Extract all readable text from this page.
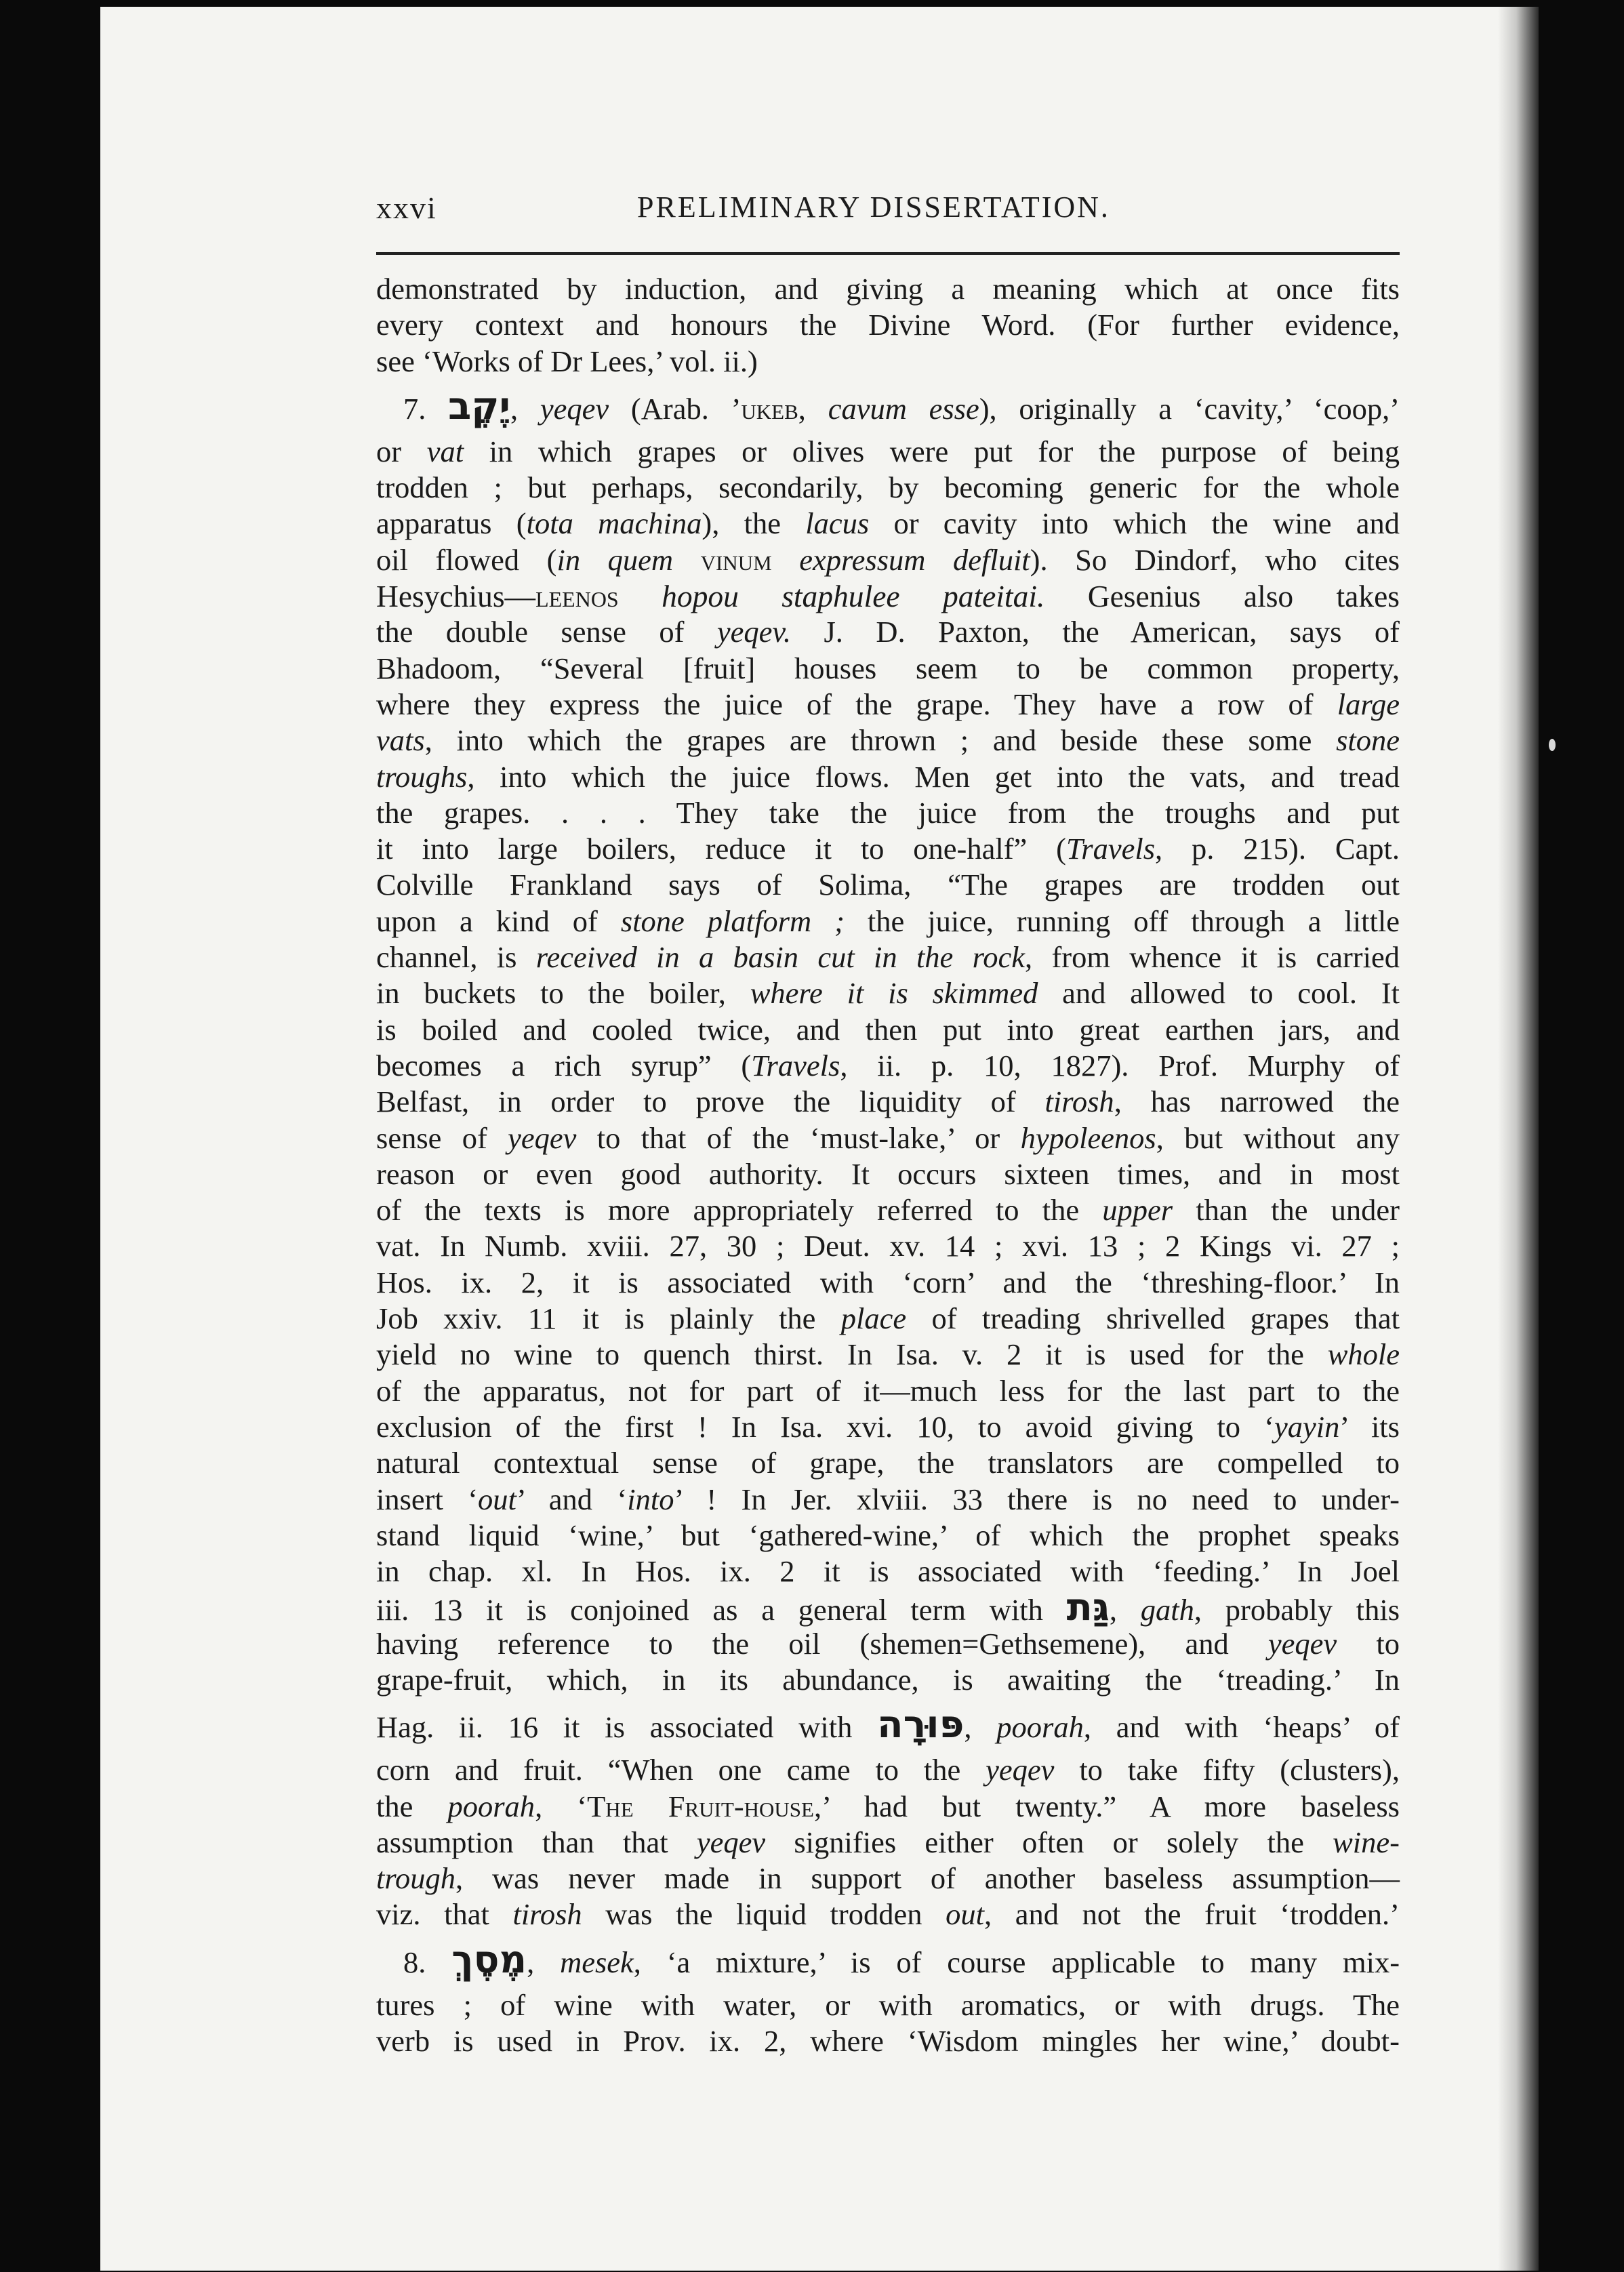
xxvi	PRELIMINARY DISSERTATION.
demonstrated by induction, and giving a meaning which at once fits
every context and honours the Divine Word. (For further evidence,
see ‘Works of Dr Lees,’ vol. ii.)
7. יֶקֶב, yeqev (Arab. ’ukeb, cavum esse), originally a ‘cavity,’ ‘coop,’
or vat in which grapes or olives were put for the purpose of being
trodden ; but perhaps, secondarily, by becoming generic for the whole
apparatus (tota machina), the lacus or cavity into which the wine and
oil flowed (in quem vinum expressum defluit). So Dindorf, who cites
Hesychius—leenos hopou staphulee pateitai. Gesenius also takes
the double sense of yeqev. J. D. Paxton, the American, says of
Bhadoom, “Several [fruit] houses seem to be common property,
where they express the juice of the grape. They have a row of large
vats, into which the grapes are thrown ; and beside these some stone
troughs, into which the juice flows. Men get into the vats, and tread
the grapes. . . . They take the juice from the troughs and put
it into large boilers, reduce it to one-half” (Travels, p. 215). Capt.
Colville Frankland says of Solima, “The grapes are trodden out
upon a kind of stone platform ; the juice, running off through a little
channel, is received in a basin cut in the rock, from whence it is carried
in buckets to the boiler, where it is skimmed and allowed to cool. It
is boiled and cooled twice, and then put into great earthen jars, and
becomes a rich syrup” (Travels, ii. p. 10, 1827). Prof. Murphy of
Belfast, in order to prove the liquidity of tirosh, has narrowed the
sense of yeqev to that of the ‘must-lake,’ or hypoleenos, but without any
reason or even good authority. It occurs sixteen times, and in most
of the texts is more appropriately referred to the upper than the under
vat. In Numb. xviii. 27, 30 ; Deut. xv. 14 ; xvi. 13 ; 2 Kings vi. 27 ;
Hos. ix. 2, it is associated with ‘corn’ and the ‘threshing-floor.’ In
Job xxiv. 11 it is plainly the place of treading shrivelled grapes that
yield no wine to quench thirst. In Isa. v. 2 it is used for the whole
of the apparatus, not for part of it—much less for the last part to the
exclusion of the first ! In Isa. xvi. 10, to avoid giving to ‘yayin’ its
natural contextual sense of grape, the translators are compelled to
insert ‘out’ and ‘into’ ! In Jer. xlviii. 33 there is no need to under-
stand liquid ‘wine,’ but ‘gathered-wine,’ of which the prophet speaks
in chap. xl. In Hos. ix. 2 it is associated with ‘feeding.’ In Joel
iii. 13 it is conjoined as a general term with גַּת, gath, probably this
having reference to the oil (shemen=Gethsemene), and yeqev to
grape-fruit, which, in its abundance, is awaiting the ‘treading.’ In
Hag. ii. 16 it is associated with פּוּרָה, poorah, and with ‘heaps’ of
corn and fruit. “When one came to the yeqev to take fifty (clusters),
the poorah, ‘The Fruit-house,’ had but twenty.” A more baseless
assumption than that yeqev signifies either often or solely the wine-
trough, was never made in support of another baseless assumption—
viz. that tirosh was the liquid trodden out, and not the fruit ‘trodden.’
8. מֶסֶךְ, mesek, ‘a mixture,’ is of course applicable to many mix-
tures ; of wine with water, or with aromatics, or with drugs. The
verb is used in Prov. ix. 2, where ‘Wisdom mingles her wine,’ doubt-
